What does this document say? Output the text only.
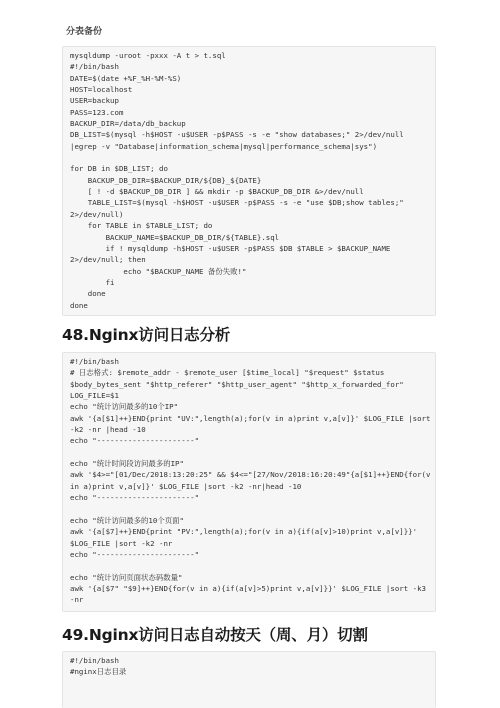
分表备份
mysqldump -uroot -pxxx -A t > t.sql
#!/bin/bash
DATE=$(date +%F_%H-%M-%S)
HOST=localhost
USER=backup
PASS=123.com
BACKUP_DIR=/data/db_backup
DB_LIST=$(mysql -h$HOST -u$USER -p$PASS -s -e "show databases;" 2>/dev/null
|egrep -v "Database|information_schema|mysql|performance_schema|sys")
for DB in $DB_LIST; do
BACKUP_DB_DIR=$BACKUP_DIR/${DB}_${DATE}
[ ! -d $BACKUP_DB_DIR ] && mkdir -p $BACKUP_DB_DIR &>/dev/null
TABLE_LIST=$(mysql -h$HOST -u$USER -p$PASS -s -e "use $DB;show tables;"
2>/dev/null)
for TABLE in $TABLE_LIST; do
BACKUP_NAME=$BACKUP_DB_DIR/${TABLE}.sql
if ! mysqldump -h$HOST -u$USER -p$PASS $DB $TABLE > $BACKUP_NAME
2>/dev/null; then
echo "$BACKUP_NAME 备份失败!"
fi
done
done
48.Nginx访问日志分析
#!/bin/bash
# 日志格式: $remote_addr - $remote_user [$time_local] "$request" $status
$body_bytes_sent "$http_referer" "$http_user_agent" "$http_x_forwarded_for"
LOG_FILE=$1
echo "统计访问最多的10个IP"
awk '{a[$1]++}END{print "UV:",length(a);for(v in a)print v,a[v]}' $LOG_FILE |sort
-k2 -nr |head -10
echo "----------------------"
echo "统计时间段访问最多的IP"
awk '$4>="[01/Dec/2018:13:20:25" && $4<="[27/Nov/2018:16:20:49"{a[$1]++}END{for(v
in a)print v,a[v]}' $LOG_FILE |sort -k2 -nr|head -10
echo "----------------------"
echo "统计访问最多的10个页面"
awk '{a[$7]++}END{print "PV:",length(a);for(v in a){if(a[v]>10)print v,a[v]}}'
$LOG_FILE |sort -k2 -nr
echo "----------------------"
echo "统计访问页面状态码数量"
awk '{a[$7" "$9]++}END{for(v in a){if(a[v]>5)print v,a[v]}}' $LOG_FILE |sort -k3
-nr
49.Nginx访问日志自动按天（周、月）切割
#!/bin/bash
#nginx日志目录
